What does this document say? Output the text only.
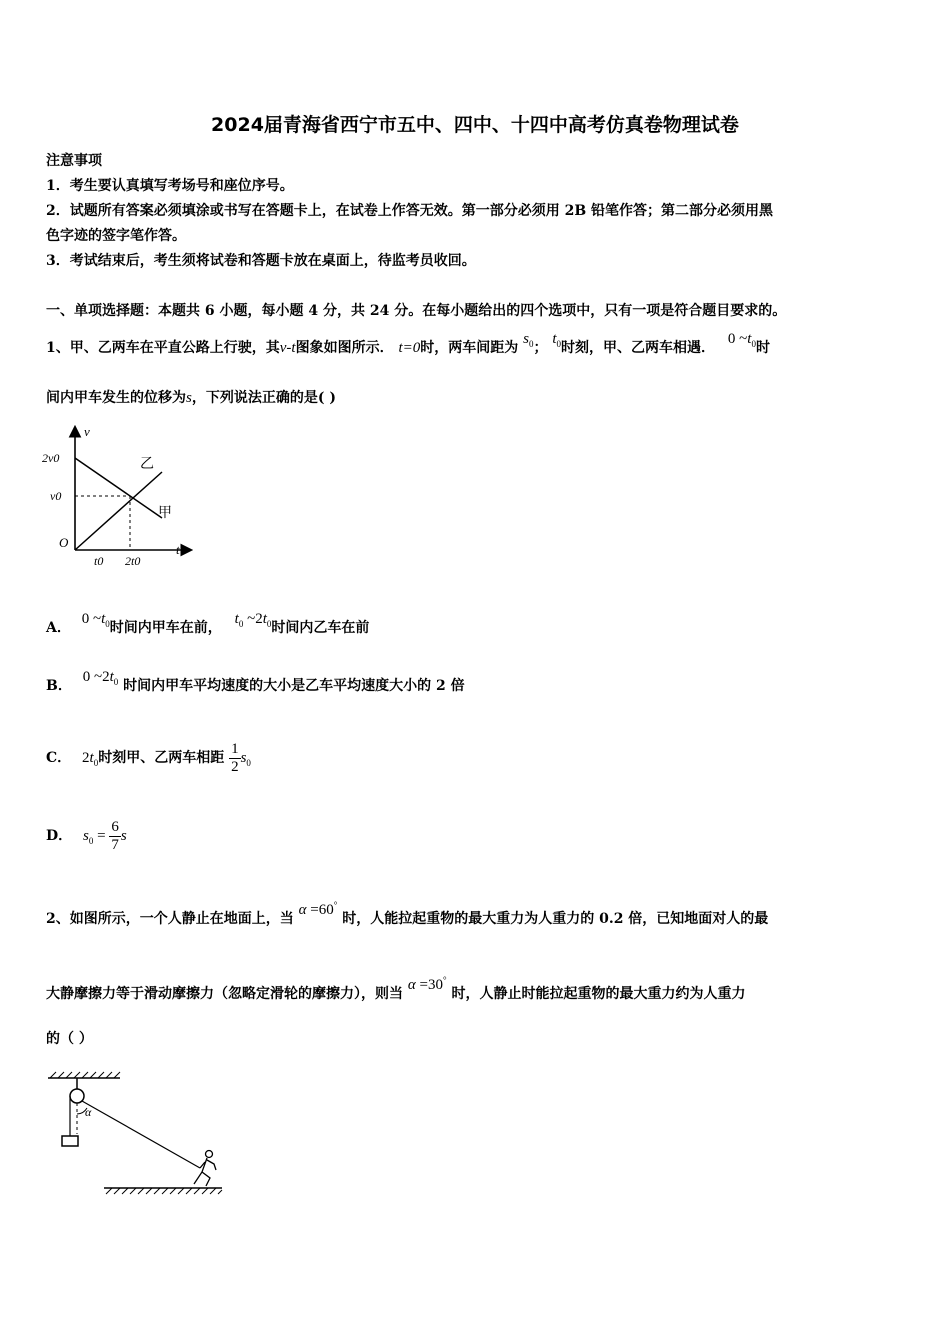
2024届青海省西宁市五中、四中、十四中高考仿真卷物理试卷
注意事项
1．考生要认真填写考场号和座位序号。
2．试题所有答案必须填涂或书写在答题卡上，在试卷上作答无效。第一部分必须用 2B 铅笔作答；第二部分必须用黑
色字迹的签字笔作答。
3．考试结束后，考生须将试卷和答题卡放在桌面上，待监考员收回。
一、单项选择题：本题共 6 小题，每小题 4 分，共 24 分。在每小题给出的四个选项中，只有一项是符合题目要求的。
1、甲、乙两车在平直公路上行驶，其v-t图象如图所示． t=0时，两车间距为 $s_0$； $t_0$时刻，甲、乙两车相遇． 0 $\sim t_0$时
间内甲车发生的位移为s，下列说法正确的是( )
v
t
O
2v0
v0
t0 2t0
乙
甲
A． 0 $\sim t_0$时间内甲车在前， $t_0$ $\sim 2t_0$时间内乙车在前
B． 0 $\sim 2t_0$ 时间内甲车平均速度的大小是乙车平均速度大小的 2 倍
C． $2t_0$时刻甲、乙两车相距 $\frac{1}{2} s_0$
D． $s_0 = \frac{6}{7}$ s
2、如图所示，一个人静止在地面上，当 α =60° 时，人能拉起重物的最大重力为人重力的 0.2 倍，已知地面对人的最
大静摩擦力等于滑动摩擦力（忽略定滑轮的摩擦力），则当 α =30° 时，人静止时能拉起重物的最大重力约为人重力
的（ ）
α
